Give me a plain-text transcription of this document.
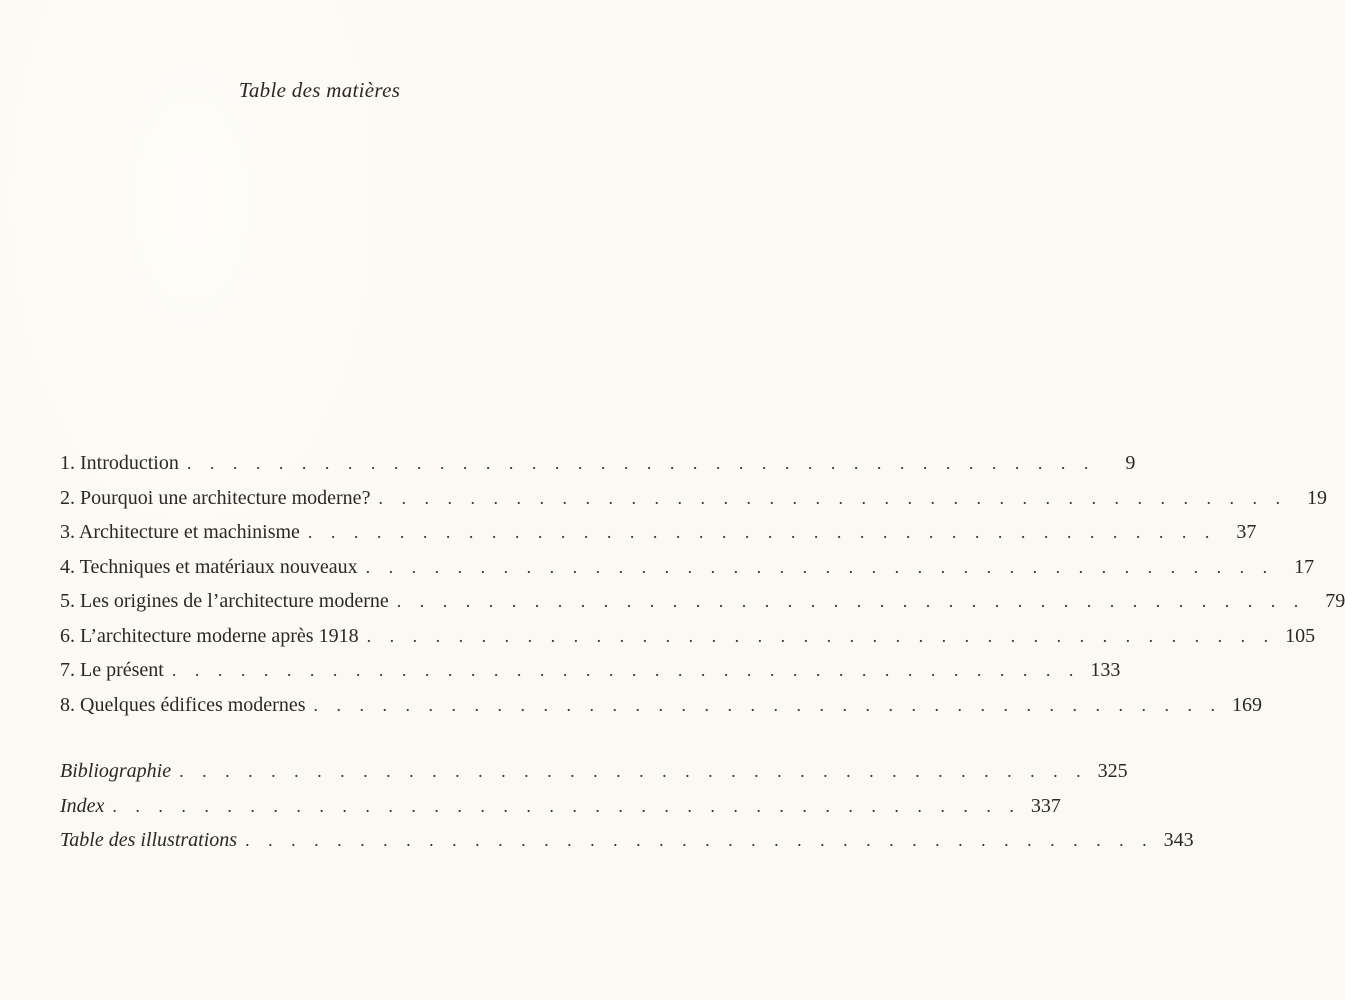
Table des matières
1. Introduction . . . . . . . . . . . . . . . . . . . . . . . . . . . . . . . . . . . . . . . .	9
2. Pourquoi une architecture moderne? . . . . . . . . . . . . . . . . . . . . . . . . . . . . . . . . . . . . . . . .	19
3. Architecture et machinisme . . . . . . . . . . . . . . . . . . . . . . . . . . . . . . . . . . . . . . . .	37
4. Techniques et matériaux nouveaux . . . . . . . . . . . . . . . . . . . . . . . . . . . . . . . . . . . . . . . .	17
5. Les origines de l’architecture moderne . . . . . . . . . . . . . . . . . . . . . . . . . . . . . . . . . . . . . . . .	79
6. L’architecture moderne après 1918 . . . . . . . . . . . . . . . . . . . . . . . . . . . . . . . . . . . . . . . . 105
7. Le présent . . . . . . . . . . . . . . . . . . . . . . . . . . . . . . . . . . . . . . . . 133
8. Quelques édifices modernes . . . . . . . . . . . . . . . . . . . . . . . . . . . . . . . . . . . . . . . . 169
Bibliographie . . . . . . . . . . . . . . . . . . . . . . . . . . . . . . . . . . . . . . . . 325
Index . . . . . . . . . . . . . . . . . . . . . . . . . . . . . . . . . . . . . . . . 337
Table des illustrations . . . . . . . . . . . . . . . . . . . . . . . . . . . . . . . . . . . . . . . . 343
